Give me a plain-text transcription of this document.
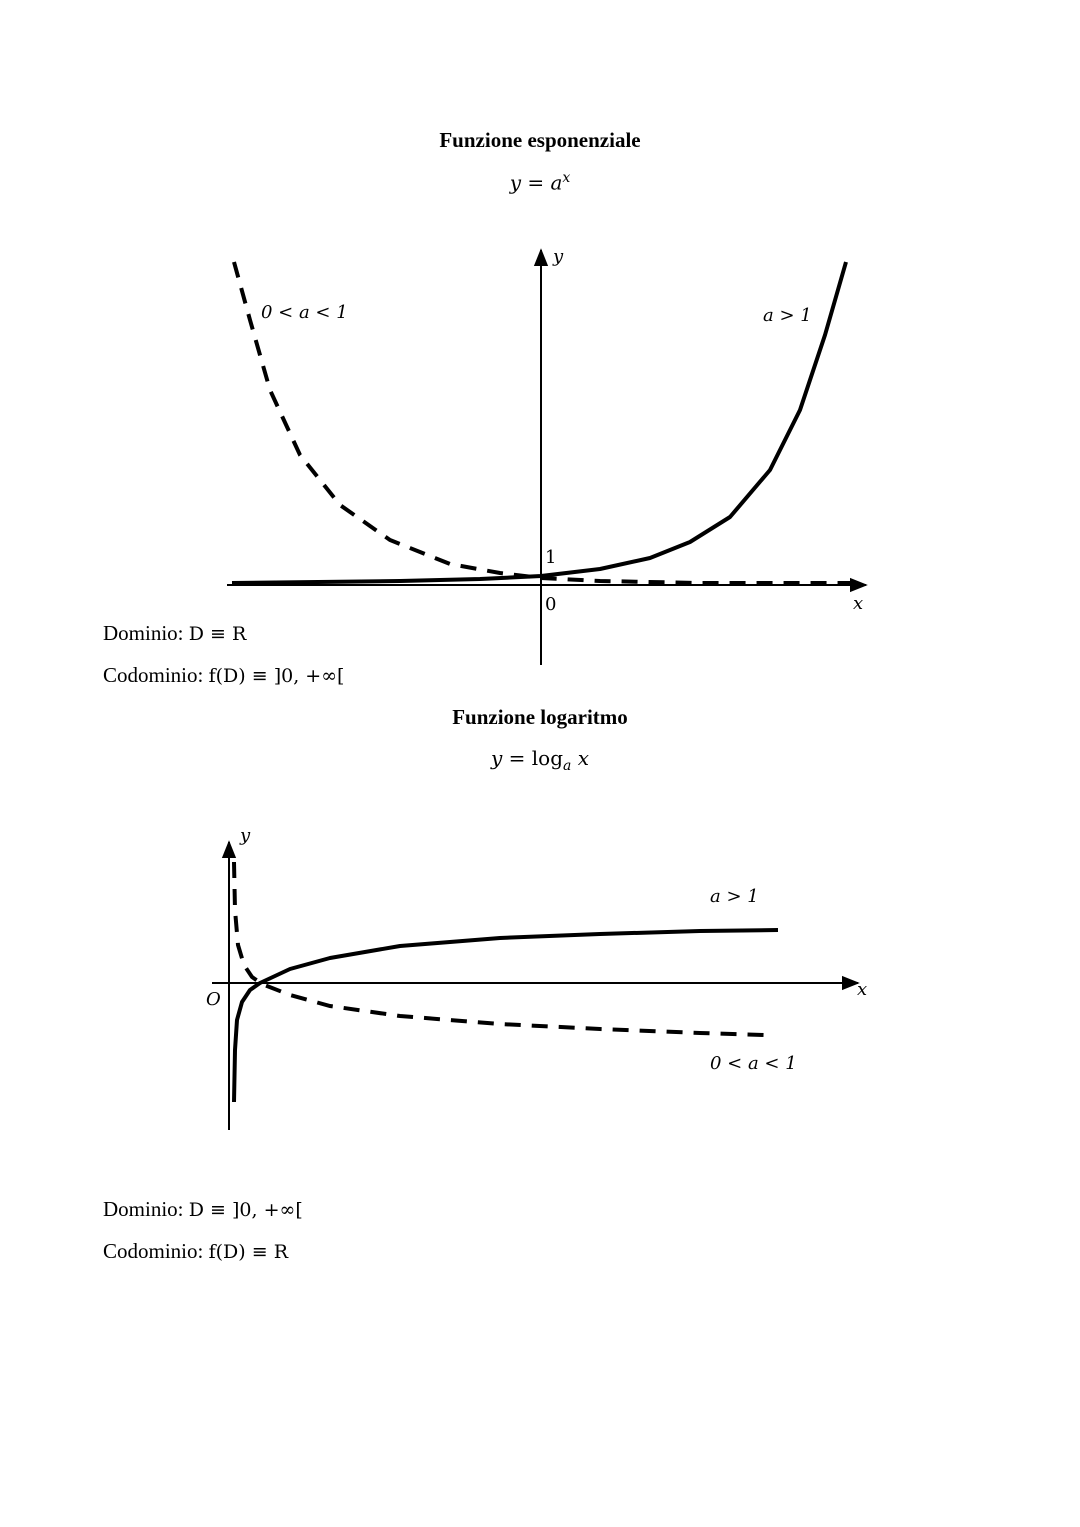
Funzione esponenziale
$y = a^x$
y
x
1
0
0 < a < 1	a > 1
y
x
O
a > 1
0 < a < 1
Dominio: D ≡ R
Codominio: f(D) ≡ ]0, +∞[
Funzione logaritmo
$y = \log_a x$
Dominio: D ≡ ]0, +∞[
Codominio: f(D) ≡ R
